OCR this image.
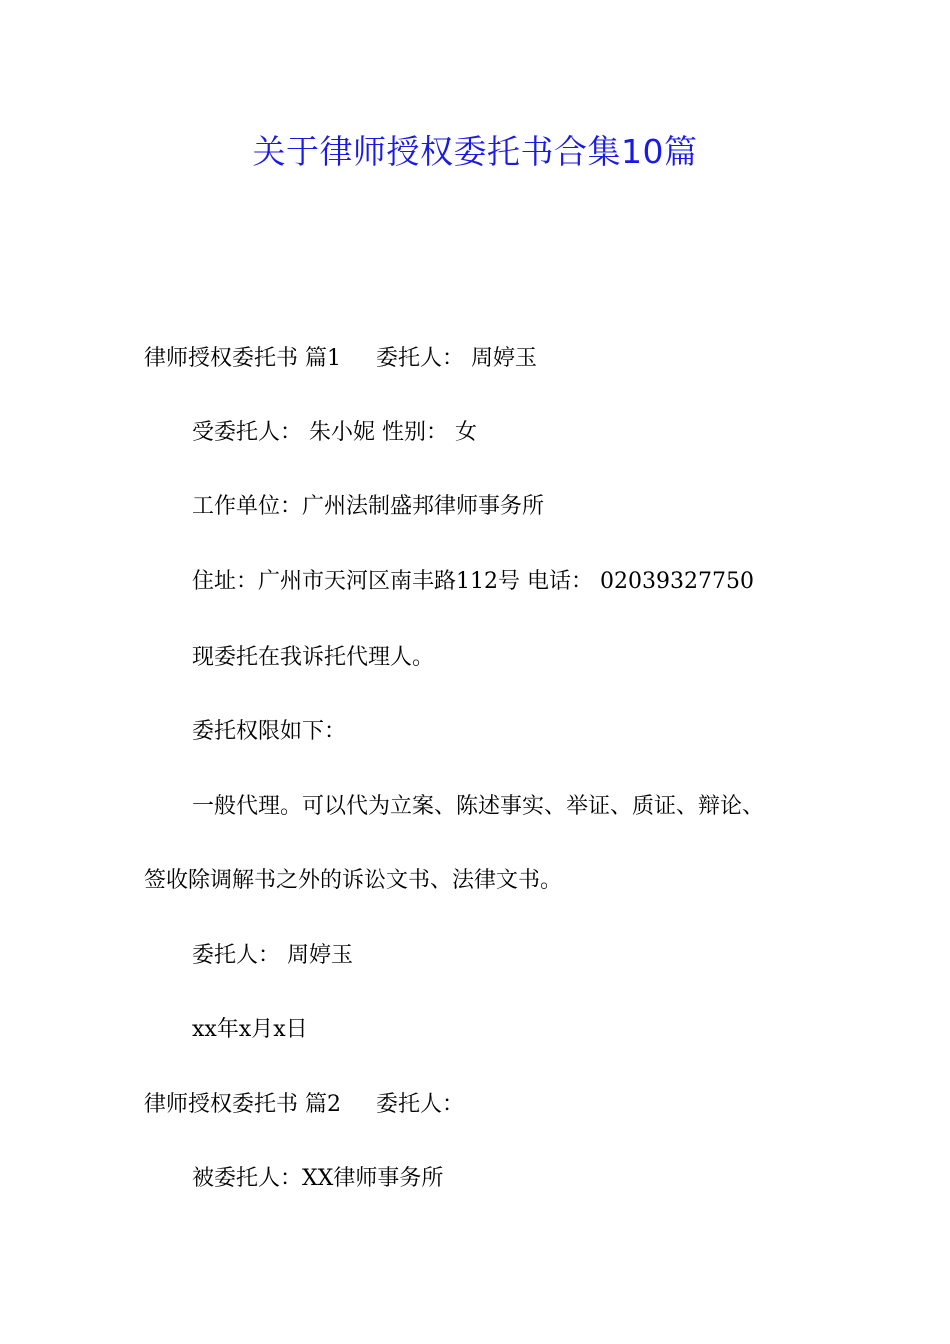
关于律师授权委托书合集10篇
律师授权委托书 篇1     委托人： 周婷玉
受委托人： 朱小妮 性别： 女
工作单位：广州法制盛邦律师事务所
住址：广州市天河区南丰路112号 电话： 02039327750
现委托在我诉托代理人。
委托权限如下：
一般代理。可以代为立案、陈述事实、举证、质证、辩论、
签收除调解书之外的诉讼文书、法律文书。
委托人： 周婷玉
xx年x月x日
律师授权委托书 篇2     委托人：
被委托人：XX律师事务所
